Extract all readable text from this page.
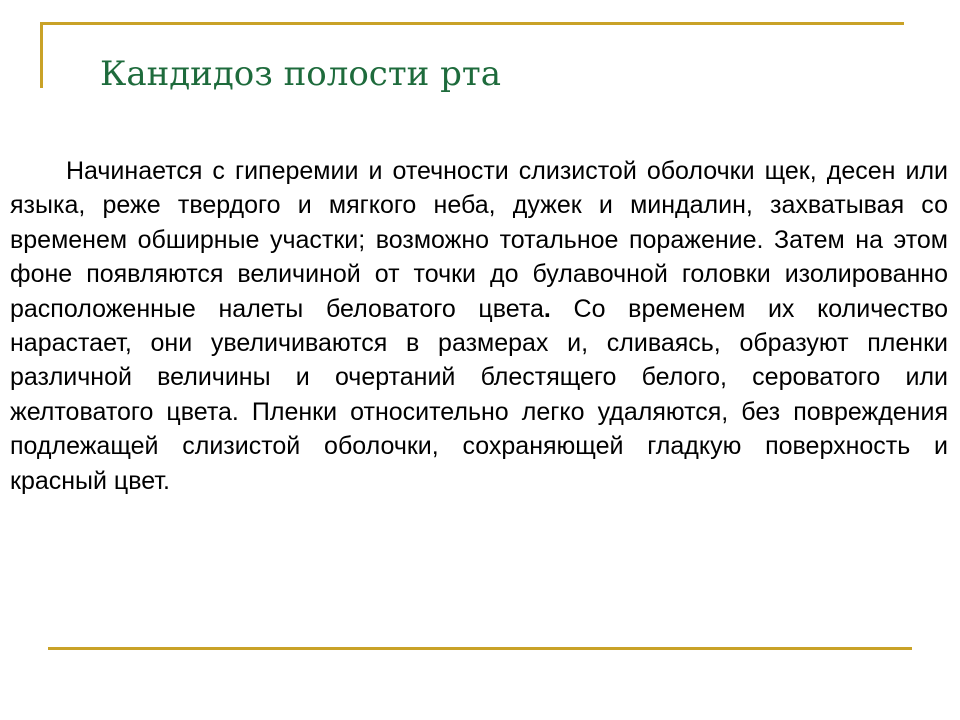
Кандидоз полости рта

Начинается с гиперемии и отечности слизистой оболочки щек, десен или языка, реже твердого и мягкого неба, дужек и миндалин, захватывая со временем обширные участки; возможно тотальное поражение. Затем на этом фоне появляются величиной от точки до булавочной головки изолированно расположенные налеты беловатого цвета. Со временем их количество нарастает, они увеличиваются в размерах и, сливаясь, образуют пленки различной величины и очертаний блестящего белого, сероватого или желтоватого цвета. Пленки относительно легко удаляются, без повреждения подлежащей слизистой оболочки, сохраняющей гладкую поверхность и красный цвет.
